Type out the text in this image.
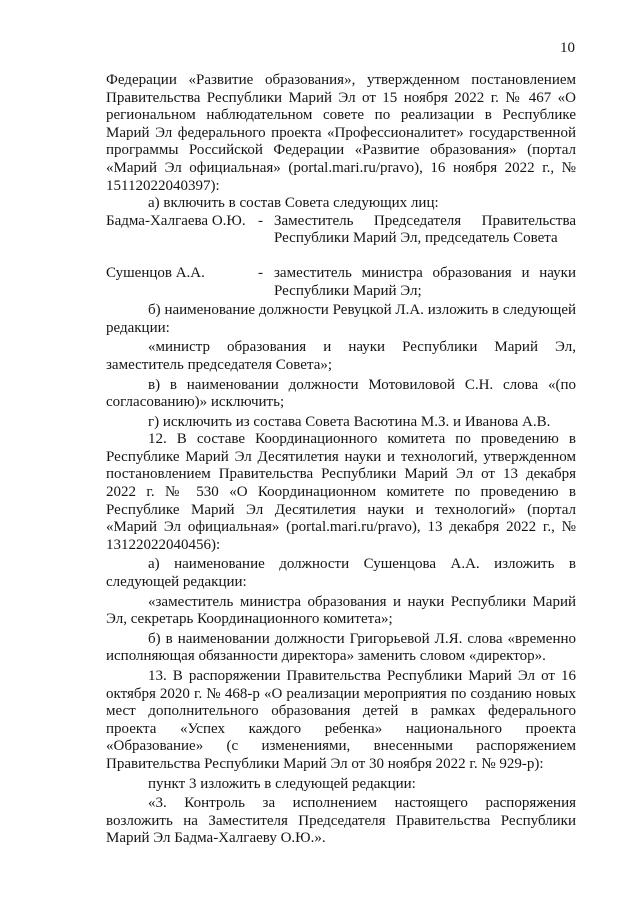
10

Федерации «Развитие образования», утвержденном постановлением Правительства Республики Марий Эл от 15 ноября 2022 г. № 467 «О региональном наблюдательном совете по реализации в Республике Марий Эл федерального проекта «Профессионалитет» государственной программы Российской Федерации «Развитие образования» (портал «Марий Эл официальная» (portal.mari.ru/pravo), 16 ноября 2022 г., № 15112022040397):

а) включить в состав Совета следующих лиц:

Бадма-Халгаева О.Ю. - Заместитель Председателя Правительства Республики Марий Эл, председатель Совета
Сушенцов А.А.	- заместитель министра образования и науки Республики Марий Эл;

б) наименование должности Ревуцкой Л.А. изложить в следующей редакции:

«министр образования и науки Республики Марий Эл, заместитель председателя Совета»;

в) в наименовании должности Мотовиловой С.Н. слова «(по согласованию)» исключить;

г) исключить из состава Совета Васютина М.З. и Иванова А.В.

12. В составе Координационного комитета по проведению в Республике Марий Эл Десятилетия науки и технологий, утвержденном постановлением Правительства Республики Марий Эл от 13 декабря 2022 г. № 530 «О Координационном комитете по проведению в Республике Марий Эл Десятилетия науки и технологий» (портал «Марий Эл официальная» (portal.mari.ru/pravo), 13 декабря 2022 г., № 13122022040456):

а) наименование должности Сушенцова А.А. изложить в следующей редакции:

«заместитель министра образования и науки Республики Марий Эл, секретарь Координационного комитета»;

б) в наименовании должности Григорьевой Л.Я. слова «временно исполняющая обязанности директора» заменить словом «директор».

13. В распоряжении Правительства Республики Марий Эл от 16 октября 2020 г. № 468-р «О реализации мероприятия по созданию новых мест дополнительного образования детей в рамках федерального проекта «Успех каждого ребенка» национального проекта «Образование» (с изменениями, внесенными распоряжением Правительства Республики Марий Эл от 30 ноября 2022 г. № 929-р):

пункт 3 изложить в следующей редакции:

«3. Контроль за исполнением настоящего распоряжения возложить на Заместителя Председателя Правительства Республики Марий Эл Бадма-Халгаеву О.Ю.».
